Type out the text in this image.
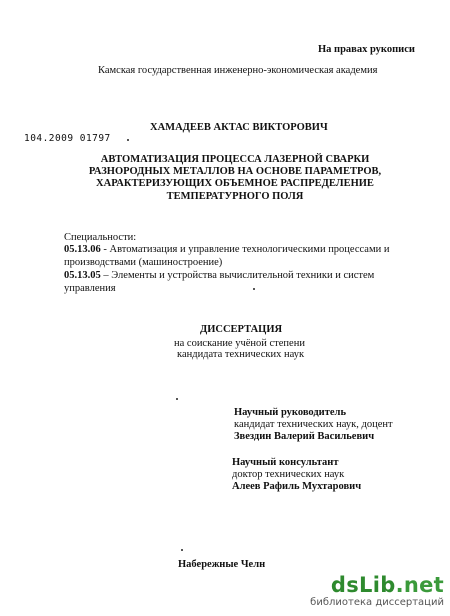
На правах рукописи
Камская государственная инженерно-экономическая академия
ХАМАДЕЕВ АКТАС ВИКТОРОВИЧ
104.2009 01797
АВТОМАТИЗАЦИЯ ПРОЦЕССА ЛАЗЕРНОЙ СВАРКИ РАЗНОРОДНЫХ МЕТАЛЛОВ НА ОСНОВЕ ПАРАМЕТРОВ, ХАРАКТЕРИЗУЮЩИХ ОБЪЕМНОЕ РАСПРЕДЕЛЕНИЕ ТЕМПЕРАТУРНОГО ПОЛЯ
Специальности:
05.13.06 - Автоматизация и управление технологическими процессами и производствами (машиностроение)
05.13.05 – Элементы и устройства вычислительной техники и систем управления
ДИССЕРТАЦИЯ
на соискание учёной степени
кандидата технических наук
Научный руководитель
кандидат технических наук, доцент
Звездин Валерий Васильевич
Научный консультант
доктор технических наук
Алеев Рафиль Мухтарович
Набережные Челн
dsLib.net
библиотека диссертаций
